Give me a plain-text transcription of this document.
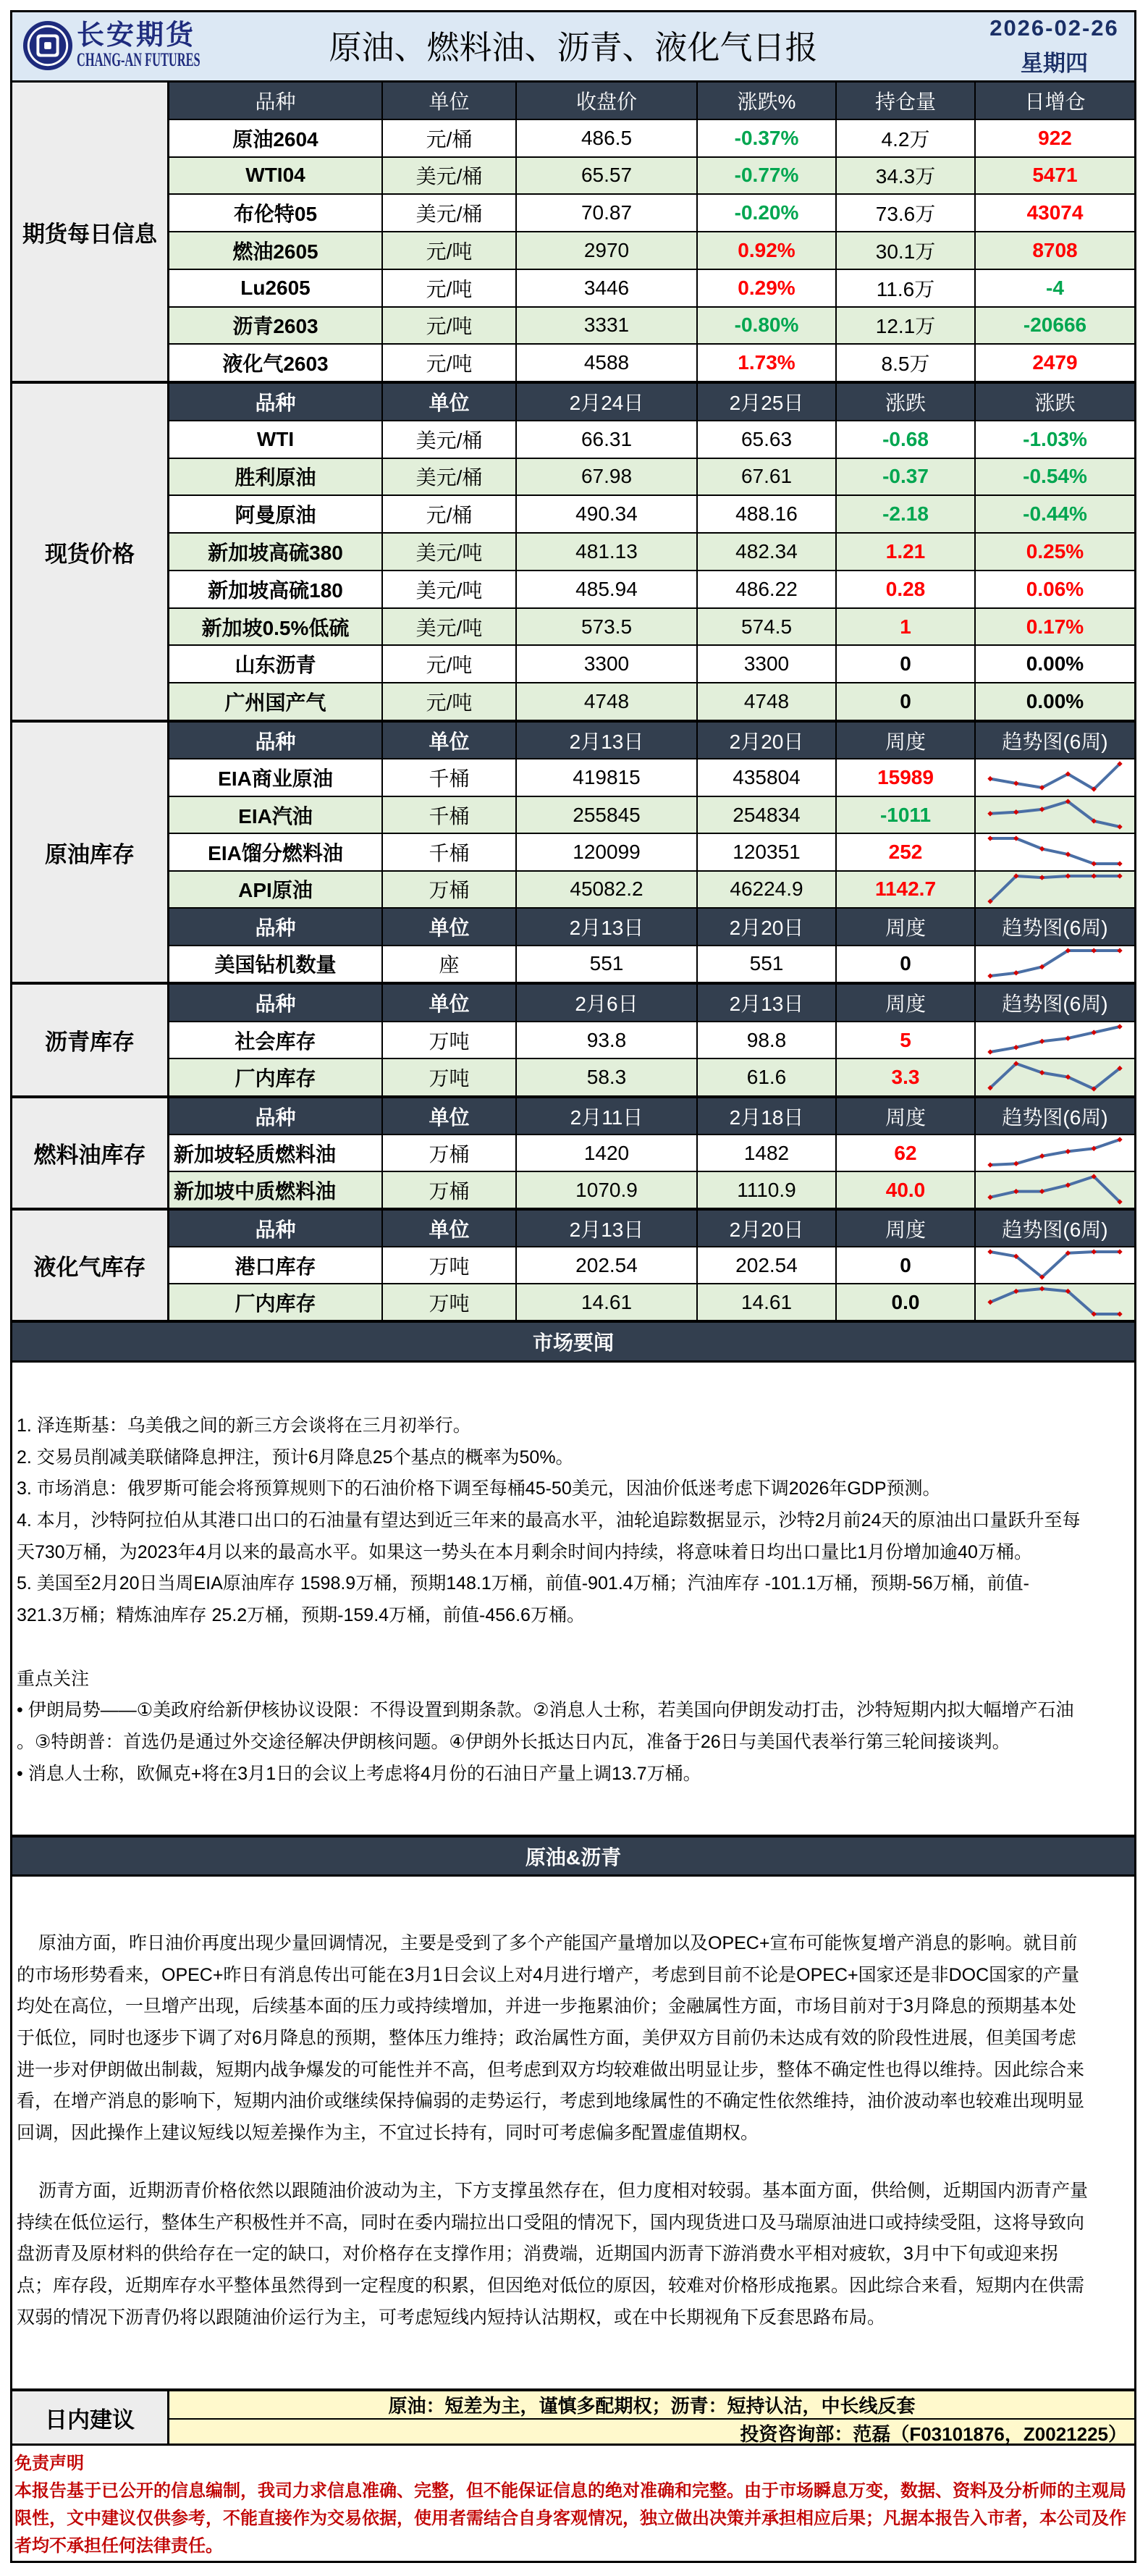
长安期货
CHANG-AN FUTURES	原油、燃料油、沥青、液化气日报
2026-02-26
星期四
期货每日信息
品种	单位	收盘价	涨跌%	持仓量	日增仓
原油2604	元/桶	486.5	-0.37%	4.2万	922
WTI04	美元/桶	65.57	-0.77%	34.3万	5471
布伦特05	美元/桶	70.87	-0.20%	73.6万	43074
燃油2605	元/吨	2970	0.92%	30.1万	8708
Lu2605	元/吨	3446	0.29%	11.6万	-4
沥青2603	元/吨	3331	-0.80%	12.1万	-20666
液化气2603	元/吨	4588	1.73%	8.5万	2479
现货价格
品种	单位	2月24日	2月25日	涨跌	涨跌
WTI	美元/桶	66.31	65.63	-0.68	-1.03%
胜利原油	美元/桶	67.98	67.61	-0.37	-0.54%
阿曼原油	元/桶	490.34	488.16	-2.18	-0.44%
新加坡高硫380	美元/吨	481.13	482.34	1.21	0.25%
新加坡高硫180	美元/吨	485.94	486.22	0.28	0.06%
新加坡0.5%低硫	美元/吨	573.5	574.5	1	0.17%
山东沥青	元/吨	3300	3300	0	0.00%
广州国产气	元/吨	4748	4748	0	0.00%
原油库存
品种	单位	2月13日	2月20日	周度	趋势图(6周)
EIA商业原油	千桶	419815	435804	15989
EIA汽油	千桶	255845	254834	-1011
EIA馏分燃料油	千桶	120099	120351	252
API原油	万桶	45082.2	46224.9	1142.7
品种	单位	2月13日	2月20日	周度	趋势图(6周)
美国钻机数量	座	551	551	0
沥青库存
品种	单位	2月6日	2月13日	周度	趋势图(6周)
社会库存	万吨	93.8	98.8	5
厂内库存	万吨	58.3	61.6	3.3
燃料油库存
品种	单位	2月11日	2月18日	周度	趋势图(6周)
新加坡轻质燃料油	万桶	1420	1482	62
新加坡中质燃料油	万桶	1070.9	1110.9	40.0
液化气库存
品种	单位	2月13日	2月20日	周度	趋势图(6周)
港口库存	万吨	202.54	202.54	0
厂内库存	万吨	14.61	14.61	0.0
市场要闻
1. 泽连斯基：乌美俄之间的新三方会谈将在三月初举行。
2. 交易员削减美联储降息押注，预计6月降息25个基点的概率为50%。
3. 市场消息：俄罗斯可能会将预算规则下的石油价格下调至每桶45-50美元，因油价低迷考虑下调2026年GDP预测。
4. 本月，沙特阿拉伯从其港口出口的石油量有望达到近三年来的最高水平，油轮追踪数据显示，沙特2月前24天的原油出口量跃升至每
天730万桶，为2023年4月以来的最高水平。如果这一势头在本月剩余时间内持续，将意味着日均出口量比1月份增加逾40万桶。
5. 美国至2月20日当周EIA原油库存 1598.9万桶，预期148.1万桶，前值-901.4万桶；汽油库存 -101.1万桶，预期-56万桶，前值-
321.3万桶；精炼油库存 25.2万桶，预期-159.4万桶，前值-456.6万桶。
重点关注
• 伊朗局势——①美政府给新伊核协议设限：不得设置到期条款。②消息人士称，若美国向伊朗发动打击，沙特短期内拟大幅增产石油
。③特朗普：首选仍是通过外交途径解决伊朗核问题。④伊朗外长抵达日内瓦，准备于26日与美国代表举行第三轮间接谈判。
• 消息人士称，欧佩克+将在3月1日的会议上考虑将4月份的石油日产量上调13.7万桶。
原油&沥青
原油方面，昨日油价再度出现少量回调情况，主要是受到了多个产能国产量增加以及OPEC+宣布可能恢复增产消息的影响。就目前
的市场形势看来，OPEC+昨日有消息传出可能在3月1日会议上对4月进行增产，考虑到目前不论是OPEC+国家还是非DOC国家的产量
均处在高位，一旦增产出现，后续基本面的压力或持续增加，并进一步拖累油价；金融属性方面，市场目前对于3月降息的预期基本处
于低位，同时也逐步下调了对6月降息的预期，整体压力维持；政治属性方面，美伊双方目前仍未达成有效的阶段性进展，但美国考虑
进一步对伊朗做出制裁，短期内战争爆发的可能性并不高，但考虑到双方均较难做出明显让步，整体不确定性也得以维持。因此综合来
看，在增产消息的影响下，短期内油价或继续保持偏弱的走势运行，考虑到地缘属性的不确定性依然维持，油价波动率也较难出现明显
回调，因此操作上建议短线以短差操作为主，不宜过长持有，同时可考虑偏多配置虚值期权。
沥青方面，近期沥青价格依然以跟随油价波动为主，下方支撑虽然存在，但力度相对较弱。基本面方面，供给侧，近期国内沥青产量
持续在低位运行，整体生产积极性并不高，同时在委内瑞拉出口受阻的情况下，国内现货进口及马瑞原油进口或持续受阻，这将导致向
盘沥青及原材料的供给存在一定的缺口，对价格存在支撑作用；消费端，近期国内沥青下游消费水平相对疲软，3月中下旬或迎来拐
点；库存段，近期库存水平整体虽然得到一定程度的积累，但因绝对低位的原因，较难对价格形成拖累。因此综合来看，短期内在供需
双弱的情况下沥青仍将以跟随油价运行为主，可考虑短线内短持认沽期权，或在中长期视角下反套思路布局。
日内建议
原油：短差为主，谨慎多配期权；沥青：短持认沽，中长线反套
投资咨询部：范磊（F03101876，Z0021225）
免责声明
本报告基于已公开的信息编制，我司力求信息准确、完整，但不能保证信息的绝对准确和完整。由于市场瞬息万变，数据、资料及分析师的主观局
限性，文中建议仅供参考，不能直接作为交易依据，使用者需结合自身客观情况，独立做出决策并承担相应后果；凡据本报告入市者，本公司及作
者均不承担任何法律责任。
